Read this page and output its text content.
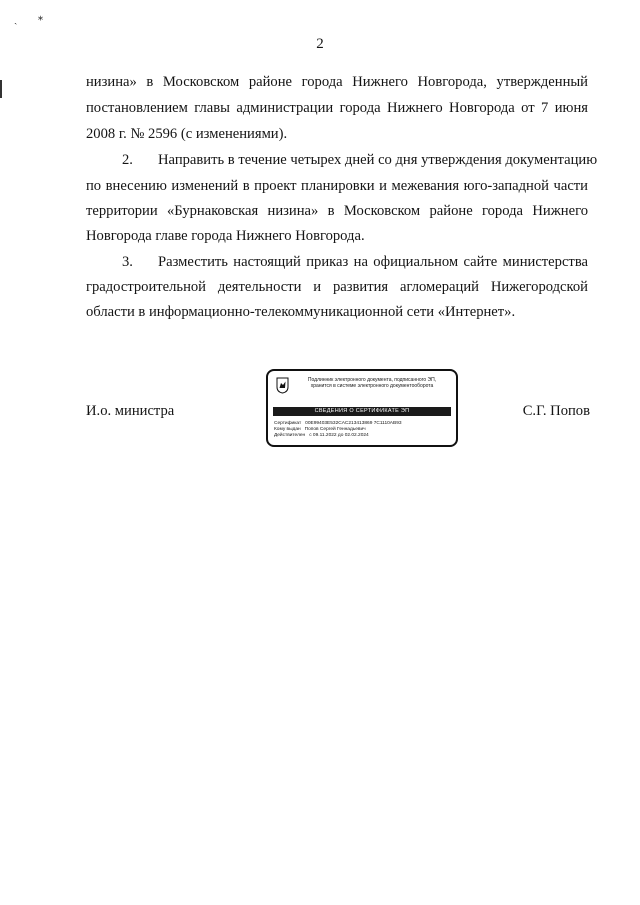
ˏ ⁎
2
низина» в Московском районе города Нижнего Новгорода, утвержденный
постановлением главы администрации города Нижнего Новгорода от 7 июня
2008 г. № 2596 (с изменениями).
2.	Направить в течение четырех дней со дня утверждения документацию
по внесению изменений в проект планировки и межевания юго-западной части
территории «Бурнаковская низина» в Московском районе города Нижнего
Новгорода главе города Нижнего Новгорода.
3.	Разместить настоящий приказ на официальном сайте министерства
градостроительной деятельности и развития агломераций Нижегородской
области в информационно-телекоммуникационной сети «Интернет».
И.о. министра
Подлинник электронного документа, подписанного ЭП,
хранится в системе электронного документооборота
СВЕДЕНИЯ О СЕРТИФИКАТЕ ЭП
Сертификат 00E99403E532CAC213413869 7C1110AB93
Кому выдан Попов Сергей Геннадьевич
Действителен с 09.11.2022 до 02.02.2024
С.Г. Попов
